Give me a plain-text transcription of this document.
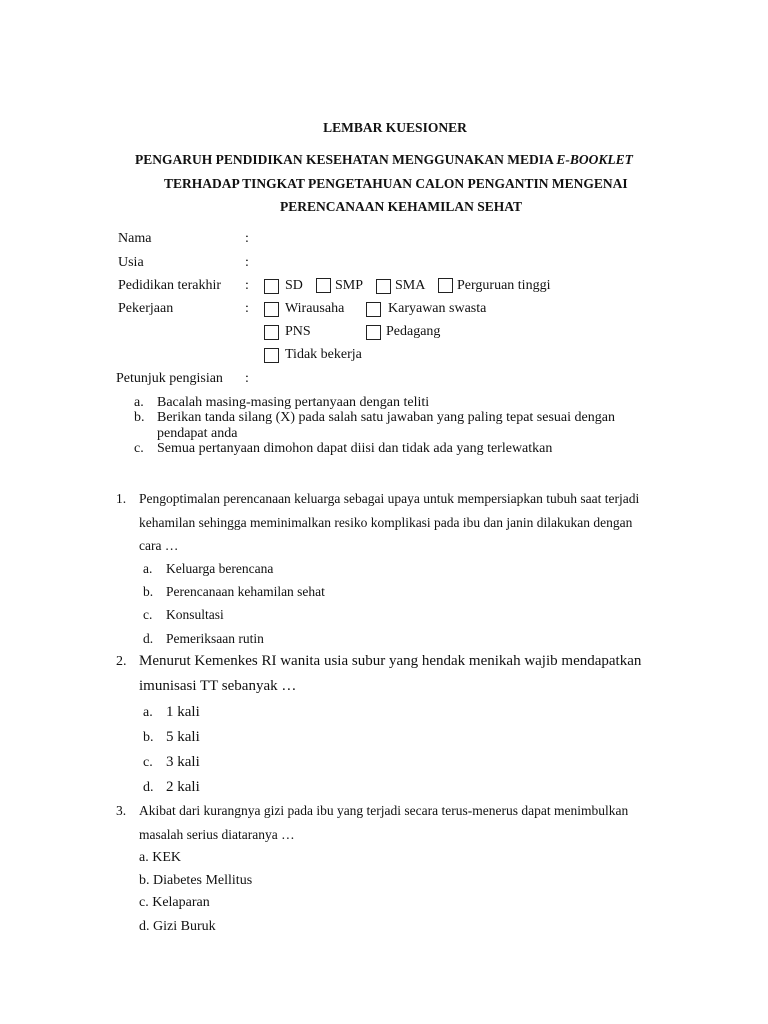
LEMBAR KUESIONER
PENGARUH PENDIDIKAN KESEHATAN MENGGUNAKAN MEDIA E-BOOKLET
TERHADAP TINGKAT PENGETAHUAN CALON PENGANTIN MENGENAI
PERENCANAAN KEHAMILAN SEHAT
Nama	:
Usia	:
Pedidikan terakhir :	SD SMP SMA Perguruan tinggi
Pekerjaan	:	Wirausaha	Karyawan swasta
PNS	Pedagang
Tidak bekerja
Petunjuk pengisian :
a. Bacalah masing-masing pertanyaan dengan teliti
b. Berikan tanda silang (X) pada salah satu jawaban yang paling tepat sesuai dengan
pendapat anda
c. Semua pertanyaan dimohon dapat diisi dan tidak ada yang terlewatkan
1. Pengoptimalan perencanaan keluarga sebagai upaya untuk mempersiapkan tubuh saat terjadi
kehamilan sehingga meminimalkan resiko komplikasi pada ibu dan janin dilakukan dengan
cara …
a. Keluarga berencana
b. Perencanaan kehamilan sehat
c. Konsultasi
d. Pemeriksaan rutin
2. Menurut Kemenkes RI wanita usia subur yang hendak menikah wajib mendapatkan
imunisasi TT sebanyak …
a. 1 kali
b. 5 kali
c. 3 kali
d. 2 kali
3. Akibat dari kurangnya gizi pada ibu yang terjadi secara terus-menerus dapat menimbulkan
masalah serius diataranya …
a. KEK
b. Diabetes Mellitus
c. Kelaparan
d. Gizi Buruk
